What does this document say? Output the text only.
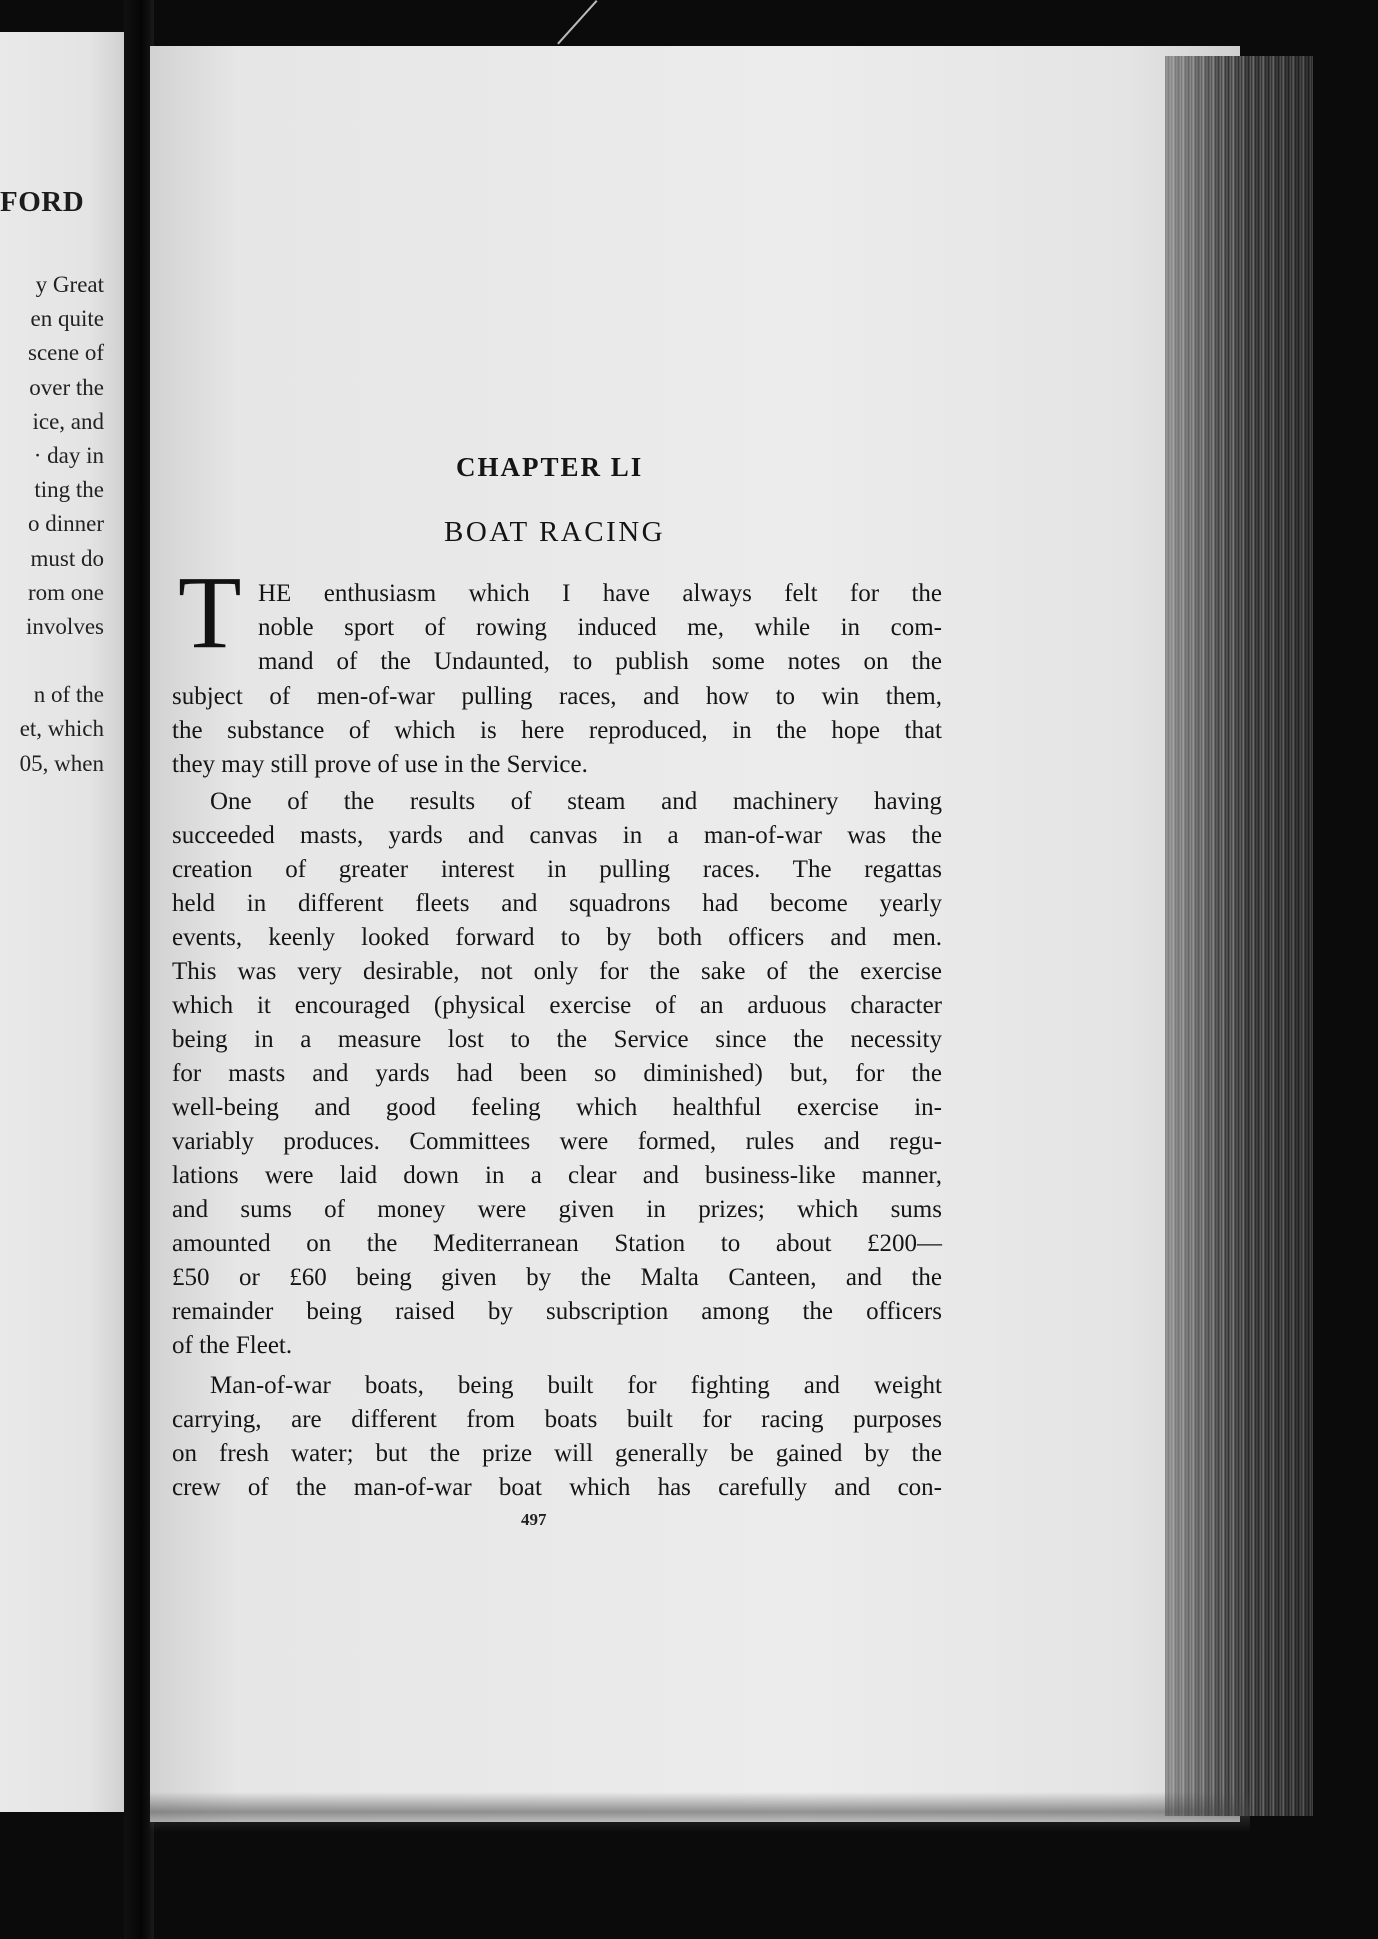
FORD
y Great
en quite
scene of
over the
ice, and
· day in
ting the
o dinner
must do
rom one
involves
n of the
et, which
05, when
CHAPTER LI
BOAT RACING
T HE enthusiasm which I have always felt for the
noble sport of rowing induced me, while in com-
mand of the Undaunted, to publish some notes on the
subject of men-of-war pulling races, and how to win them,
the substance of which is here reproduced, in the hope that
they may still prove of use in the Service.
One of the results of steam and machinery having
succeeded masts, yards and canvas in a man-of-war was the
creation of greater interest in pulling races. The regattas
held in different fleets and squadrons had become yearly
events, keenly looked forward to by both officers and men.
This was very desirable, not only for the sake of the exercise
which it encouraged (physical exercise of an arduous character
being in a measure lost to the Service since the necessity
for masts and yards had been so diminished) but, for the
well-being and good feeling which healthful exercise in-
variably produces. Committees were formed, rules and regu-
lations were laid down in a clear and business-like manner,
and sums of money were given in prizes; which sums
amounted on the Mediterranean Station to about £200—
£50 or £60 being given by the Malta Canteen, and the
remainder being raised by subscription among the officers
of the Fleet.
Man-of-war boats, being built for fighting and weight
carrying, are different from boats built for racing purposes
on fresh water; but the prize will generally be gained by the
crew of the man-of-war boat which has carefully and con-
497
